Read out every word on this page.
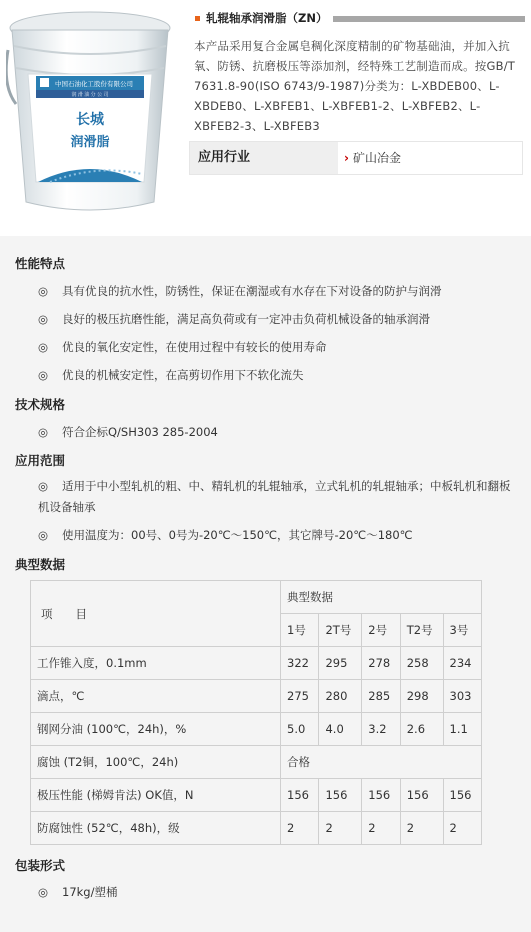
中国石油化工股份有限公司
润 滑 油 分 公 司
长城
润滑脂
轧辊轴承润滑脂（ZN）
本产品采用复合金属皂稠化深度精制的矿物基础油，并加入抗氧、防锈、抗磨极压等添加剂，经特殊工艺制造而成。按GB/T 7631.8-90(ISO 6743/9-1987)分类为：L-XBDEB00、L-XBDEB0、L-XBFEB1、L-XBFEB1-2、L-XBFEB2、L-XBFEB2-3、L-XBFEB3
应用行业	› 矿山冶金
性能特点
◎ 具有优良的抗水性，防锈性，保证在潮湿或有水存在下对设备的防护与润滑
◎ 良好的极压抗磨性能，满足高负荷或有一定冲击负荷机械设备的轴承润滑
◎ 优良的氧化安定性，在使用过程中有较长的使用寿命
◎ 优良的机械安定性，在高剪切作用下不软化流失
技术规格
◎ 符合企标Q/SH303 285-2004
应用范围
◎ 适用于中小型轧机的粗、中、精轧机的轧辊轴承，立式轧机的轧辊轴承；中板轧机和翻板机设备轴承
◎ 使用温度为：00号、0号为-20℃～150℃，其它牌号-20℃～180℃
典型数据
项　　目	典型数据				
	1号	2T号	2号	T2号	3号
工作锥入度，0.1mm	322	295	278	258	234
滴点，℃	275	280	285	298	303
钢网分油 (100℃，24h)，%	5.0	4.0	3.2	2.6	1.1
腐蚀 (T2铜，100℃，24h)	合格				
极压性能 (梯姆肯法) OK值，N	156	156	156	156	156
防腐蚀性 (52℃，48h)，级	2	2	2	2	2
包装形式
◎ 17kg/塑桶
